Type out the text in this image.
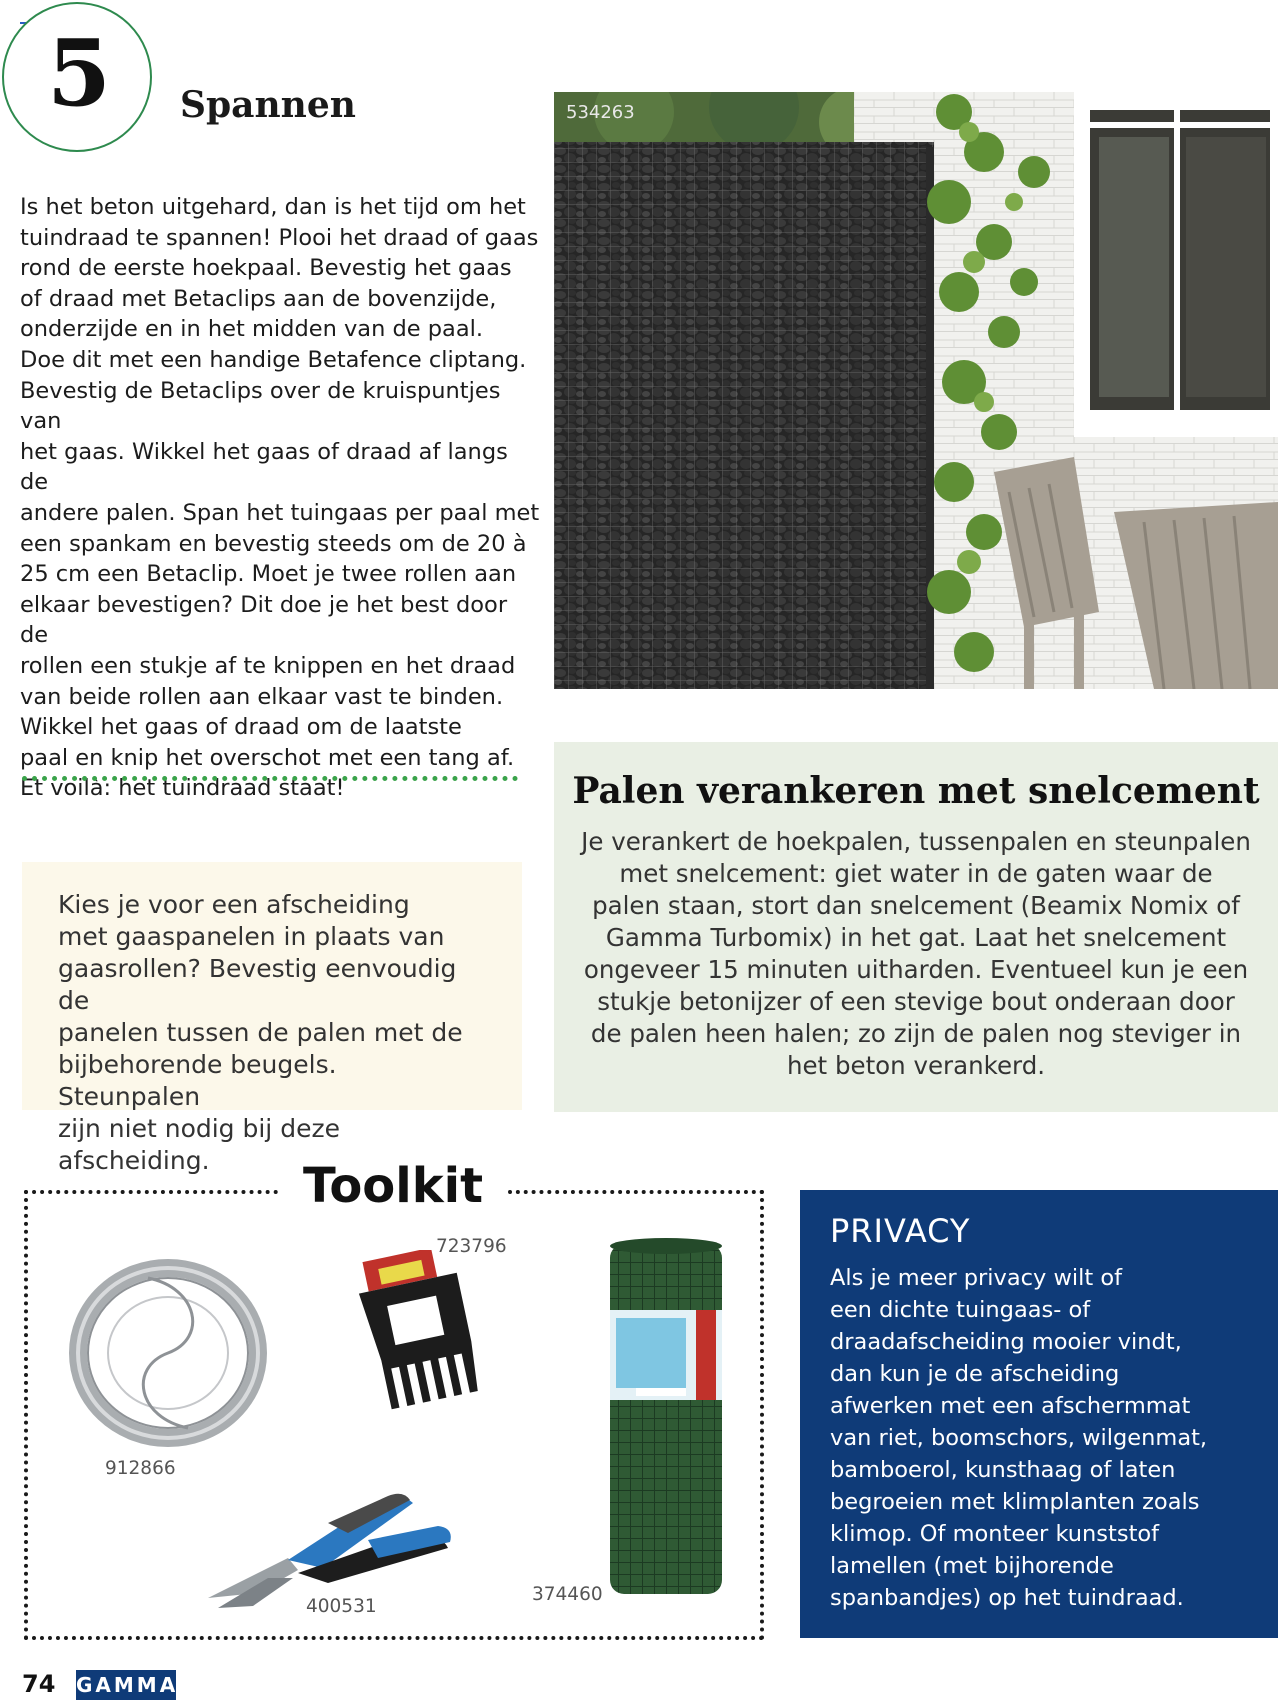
5	Spannen
Is het beton uitgehard, dan is het tijd om het
tuindraad te spannen! Plooi het draad of gaas
rond de eerste hoekpaal. Bevestig het gaas
of draad met Betaclips aan de bovenzijde,
onderzijde en in het midden van de paal.
Doe dit met een handige Betafence cliptang.
Bevestig de Betaclips over de kruispuntjes van
het gaas. Wikkel het gaas of draad af langs de
andere palen. Span het tuingaas per paal met
een spankam en bevestig steeds om de 20 à
25 cm een Betaclip. Moet je twee rollen aan
elkaar bevestigen? Dit doe je het best door de
rollen een stukje af te knippen en het draad
van beide rollen aan elkaar vast te binden.
Wikkel het gaas of draad om de laatste
paal en knip het overschot met een tang af.
Et voilà: het tuindraad staat!
534263
Kies je voor een afscheiding
met gaaspanelen in plaats van
gaasrollen? Bevestig eenvoudig de
panelen tussen de palen met de
bijbehorende beugels. Steunpalen
zijn niet nodig bij deze afscheiding.
Palen verankeren met snelcement
Je verankert de hoekpalen, tussenpalen en steunpalen
met snelcement: giet water in de gaten waar de
palen staan, stort dan snelcement (Beamix Nomix of
Gamma Turbomix) in het gat. Laat het snelcement
ongeveer 15 minuten uitharden. Eventueel kun je een
stukje betonijzer of een stevige bout onderaan door
de palen heen halen; zo zijn de palen nog steviger in
het beton verankerd.
Toolkit
912866
723796
400531
374460
PRIVACY
Als je meer privacy wilt of
een dichte tuingaas- of
draadafscheiding mooier vindt,
dan kun je de afscheiding
afwerken met een afschermmat
van riet, boomschors, wilgenmat,
bamboerol, kunsthaag of laten
begroeien met klimplanten zoals
klimop. Of monteer kunststof
lamellen (met bijhorende
spanbandjes) op het tuindraad.
74 GAMMA
